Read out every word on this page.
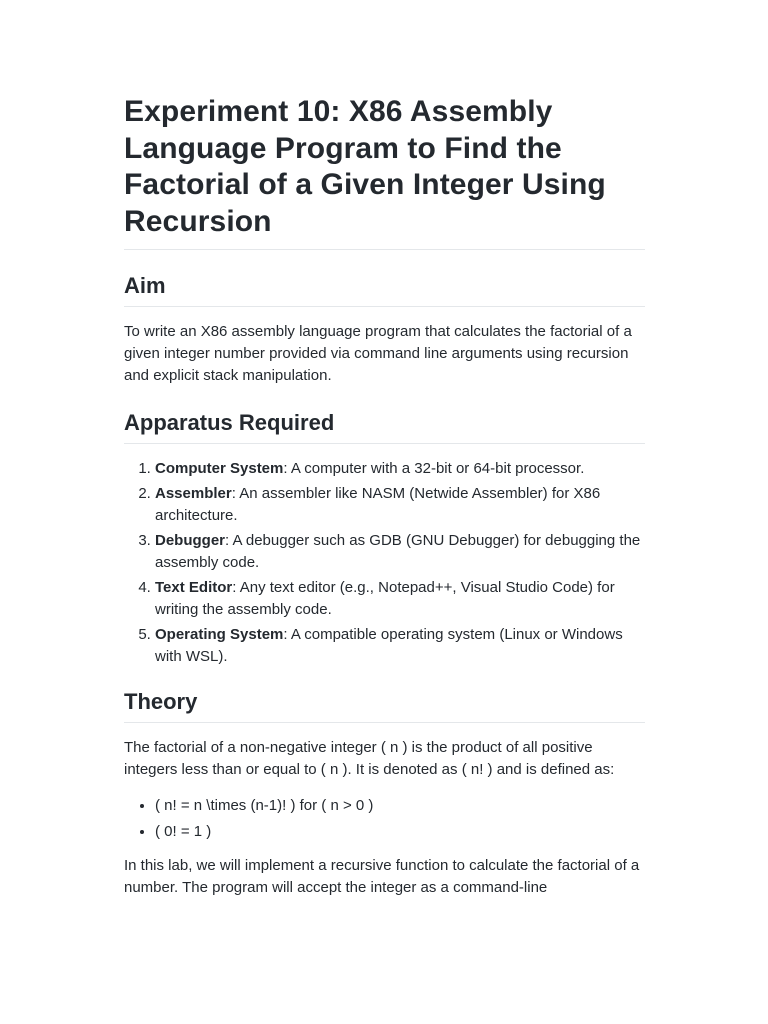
Experiment 10: X86 Assembly Language Program to Find the Factorial of a Given Integer Using Recursion
Aim

To write an X86 assembly language program that calculates the factorial of a given integer number provided via command line arguments using recursion and explicit stack manipulation.

Apparatus Required
1. Computer System: A computer with a 32-bit or 64-bit processor.
2. Assembler: An assembler like NASM (Netwide Assembler) for X86 architecture.
3. Debugger: A debugger such as GDB (GNU Debugger) for debugging the assembly code.
4. Text Editor: Any text editor (e.g., Notepad++, Visual Studio Code) for writing the assembly code.
5. Operating System: A compatible operating system (Linux or Windows with WSL).
Theory

The factorial of a non-negative integer ( n ) is the product of all positive integers less than or equal to ( n ). It is denoted as ( n! ) and is defined as:

• ( n! = n \times (n-1)! ) for ( n > 0 )
• ( 0! = 1 )

In this lab, we will implement a recursive function to calculate the factorial of a number. The program will accept the integer as a command-line
